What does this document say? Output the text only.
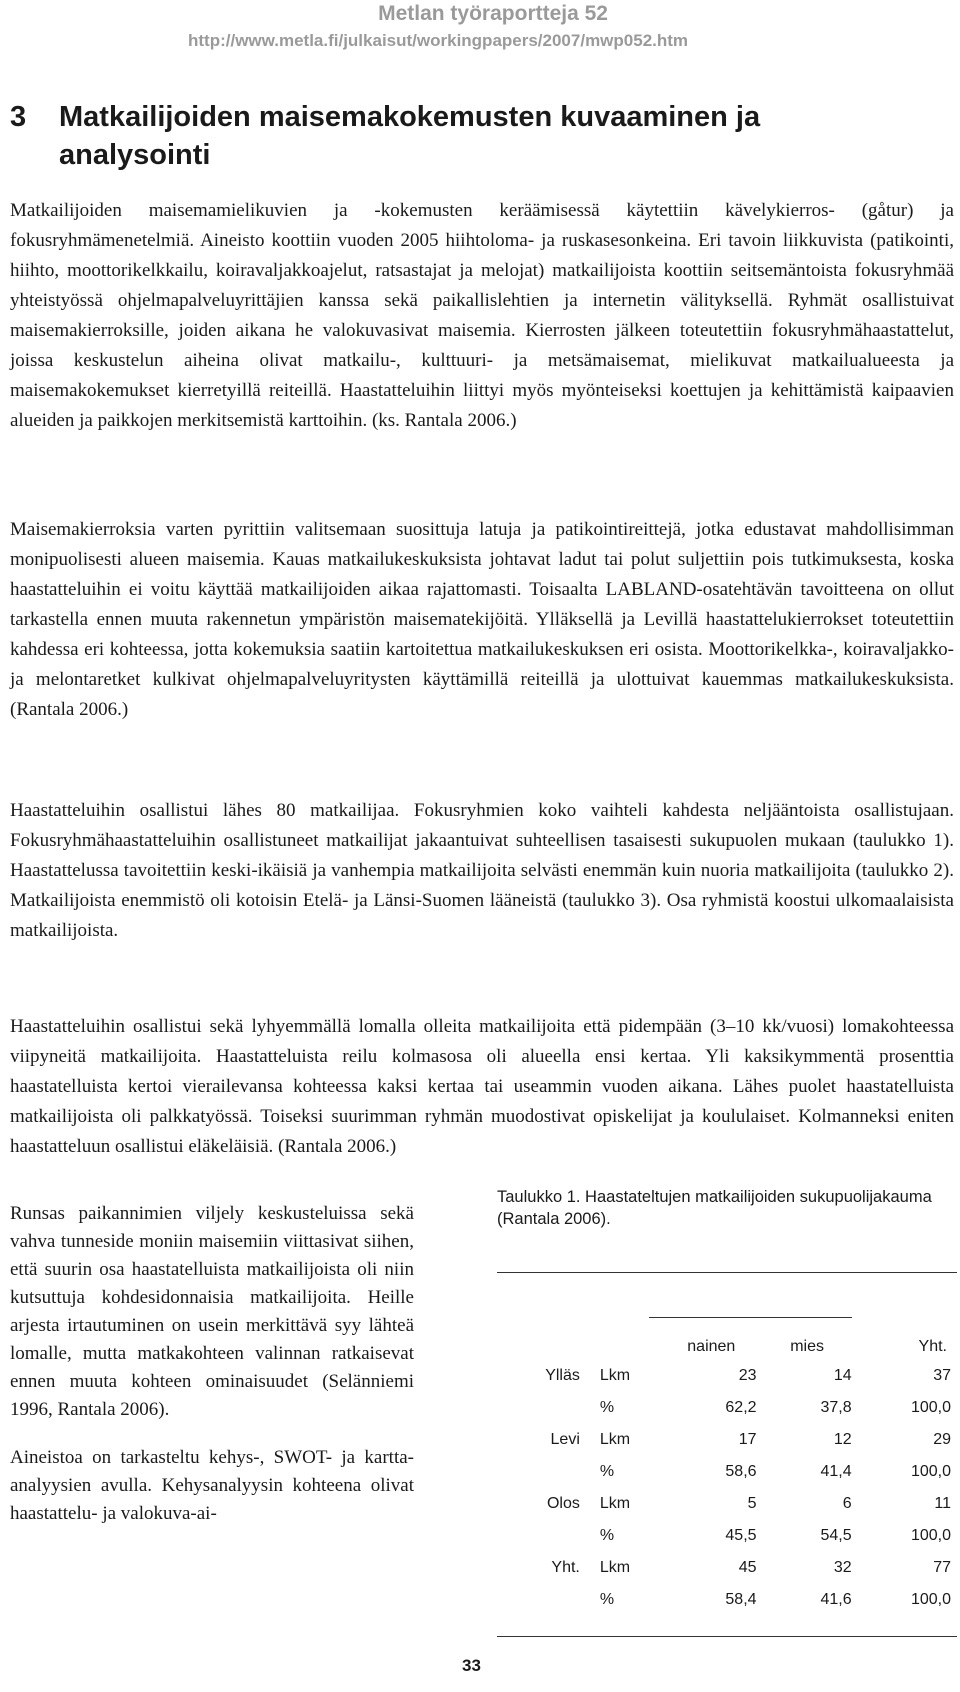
Metlan työraportteja 52
http://www.metla.fi/julkaisut/workingpapers/2007/mwp052.htm
3 Matkailijoiden maisemakokemusten kuvaaminen ja analysointi

Matkailijoiden maisemamielikuvien ja -kokemusten keräämisessä käytettiin kävelykierros- (gåtur) ja fokusryhmämenetelmiä. Aineisto koottiin vuoden 2005 hiihtoloma- ja ruskasesonkeina. Eri tavoin liikkuvista (patikointi, hiihto, moottorikelkkailu, koiravaljakkoajelut, ratsastajat ja melojat) matkailijoista koottiin seitsemäntoista fokusryhmää yhteistyössä ohjelmapalveluyrittäjien kanssa sekä paikallislehtien ja internetin välityksellä. Ryhmät osallistuivat maisemakierroksille, joiden aikana he valokuvasivat maisemia. Kierrosten jälkeen toteutettiin fokusryhmähaastattelut, joissa keskustelun aiheina olivat matkailu-, kulttuuri- ja metsämaisemat, mielikuvat matkailualueesta ja maisemakokemukset kierretyillä reiteillä. Haastatteluihin liittyi myös myönteiseksi koettujen ja kehittämistä kaipaavien alueiden ja paikkojen merkitsemistä karttoihin. (ks. Rantala 2006.)

Maisemakierroksia varten pyrittiin valitsemaan suosittuja latuja ja patikointireittejä, jotka edustavat mahdollisimman monipuolisesti alueen maisemia. Kauas matkailukeskuksista johtavat ladut tai polut suljettiin pois tutkimuksesta, koska haastatteluihin ei voitu käyttää matkailijoiden aikaa rajattomasti. Toisaalta LABLAND-osatehtävän tavoitteena on ollut tarkastella ennen muuta rakennetun ympäristön maisematekijöitä. Ylläksellä ja Levillä haastattelukierrokset toteutettiin kahdessa eri kohteessa, jotta kokemuksia saatiin kartoitettua matkailukeskuksen eri osista. Moottorikelkka-, koiravaljakko- ja melontaretket kulkivat ohjelmapalveluyritysten käyttämillä reiteillä ja ulottuivat kauemmas matkailukeskuksista. (Rantala 2006.)

Haastatteluihin osallistui lähes 80 matkailijaa. Fokusryhmien koko vaihteli kahdesta neljääntoista osallistujaan. Fokusryhmähaastatteluihin osallistuneet matkailijat jakaantuivat suhteellisen tasaisesti sukupuolen mukaan (taulukko 1). Haastattelussa tavoitettiin keski-ikäisiä ja vanhempia matkailijoita selvästi enemmän kuin nuoria matkailijoita (taulukko 2). Matkailijoista enemmistö oli kotoisin Etelä- ja Länsi-Suomen lääneistä (taulukko 3). Osa ryhmistä koostui ulkomaalaisista matkailijoista.

Haastatteluihin osallistui sekä lyhyemmällä lomalla olleita matkailijoita että pidempään (3–10 kk/vuosi) lomakohteessa viipyneitä matkailijoita. Haastatteluista reilu kolmasosa oli alueella ensi kertaa. Yli kaksikymmentä prosenttia haastatelluista kertoi vierailevansa kohteessa kaksi kertaa tai useammin vuoden aikana. Lähes puolet haastatelluista matkailijoista oli palkkatyössä. Toiseksi suurimman ryhmän muodostivat opiskelijat ja koululaiset. Kolmanneksi eniten haastatteluun osallistui eläkeläisiä. (Rantala 2006.)

Runsas paikannimien viljely keskusteluissa sekä vahva tunneside moniin maisemiin viittasivat siihen, että suurin osa haastatelluista matkailijoista oli niin kutsuttuja kohdesidonnaisia matkailijoita. Heille arjesta irtautuminen on usein merkittävä syy lähteä lomalle, mutta matkakohteen valinnan ratkaisevat ennen muuta kohteen ominaisuudet (Selänniemi 1996, Rantala 2006).

Aineistoa on tarkasteltu kehys-, SWOT- ja kartta-analyysien avulla. Kehysanalyysin kohteena olivat haastattelu- ja valokuva-ai-

Taulukko 1. Haastateltujen matkailijoiden sukupuolijakauma (Rantala 2006).

		nainen	mies	Yht.
Ylläs	Lkm	23	14	37
	%	62,2	37,8	100,0
Levi	Lkm	17	12	29
	%	58,6	41,4	100,0
Olos	Lkm	5	6	11
	%	45,5	54,5	100,0
Yht.	Lkm	45	32	77
	%	58,4	41,6	100,0
33
